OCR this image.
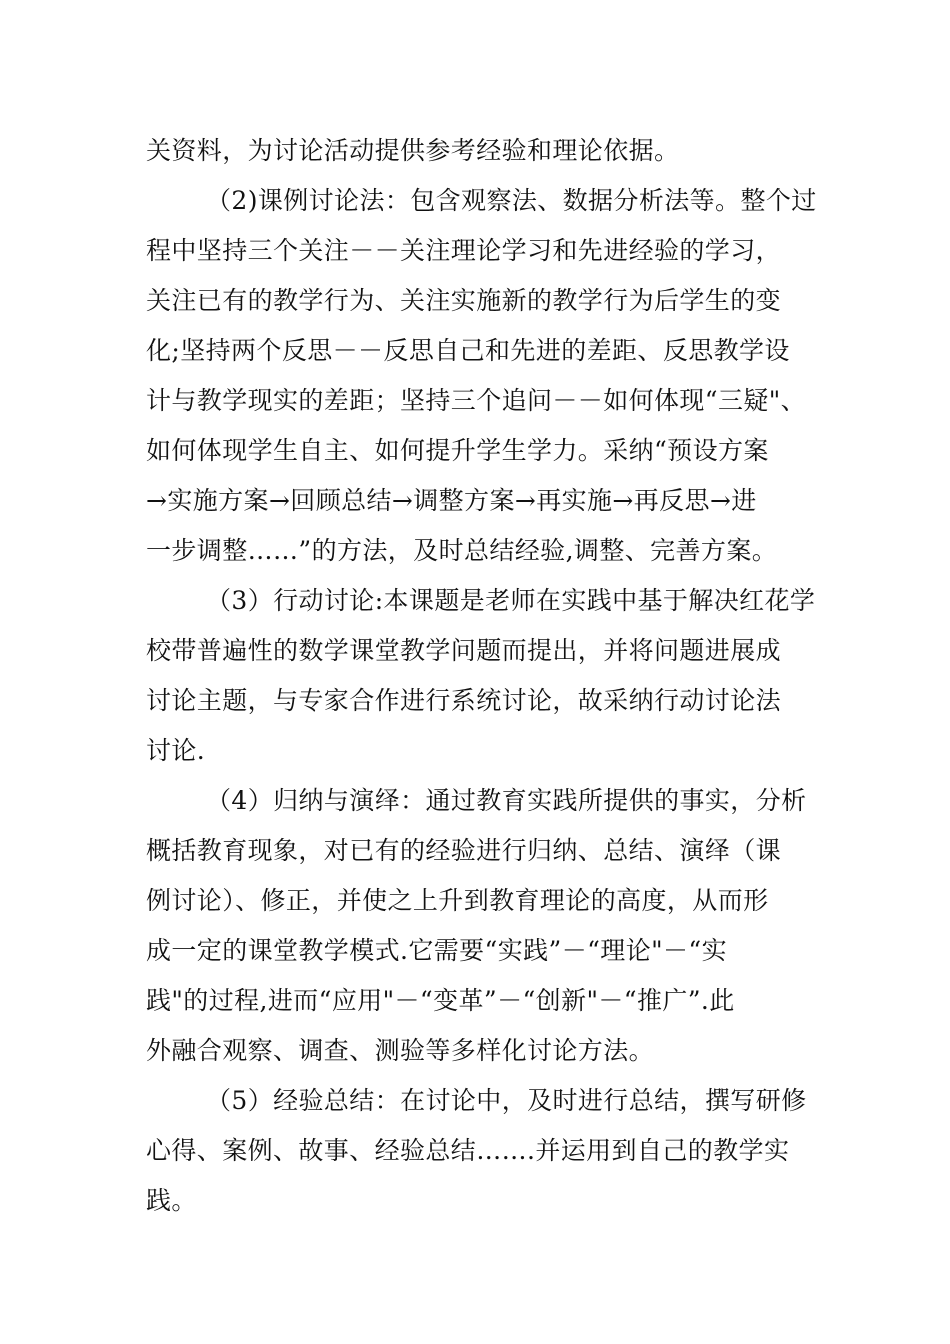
关资料，为讨论活动提供参考经验和理论依据。
（2)课例讨论法：包含观察法、数据分析法等。整个过
程中坚持三个关注－－关注理论学习和先进经验的学习，
关注已有的教学行为、关注实施新的教学行为后学生的变
化;坚持两个反思－－反思自己和先进的差距、反思教学设
计与教学现实的差距；坚持三个追问－－如何体现“三疑"、
如何体现学生自主、如何提升学生学力。采纳“预设方案
→实施方案→回顾总结→调整方案→再实施→再反思→进
一步调整……”的方法，及时总结经验,调整、完善方案。
（3）行动讨论:本课题是老师在实践中基于解决红花学
校带普遍性的数学课堂教学问题而提出，并将问题进展成
讨论主题，与专家合作进行系统讨论，故采纳行动讨论法
讨论.
（4）归纳与演绎：通过教育实践所提供的事实，分析
概括教育现象，对已有的经验进行归纳、总结、演绎（课
例讨论）、修正，并使之上升到教育理论的高度，从而形
成一定的课堂教学模式.它需要“实践”－“理论"－“实
践"的过程,进而“应用"－“变革”－“创新"－“推广”.此
外融合观察、调查、测验等多样化讨论方法。
（5）经验总结：在讨论中，及时进行总结，撰写研修
心得、案例、故事、经验总结…….并运用到自己的教学实
践。
